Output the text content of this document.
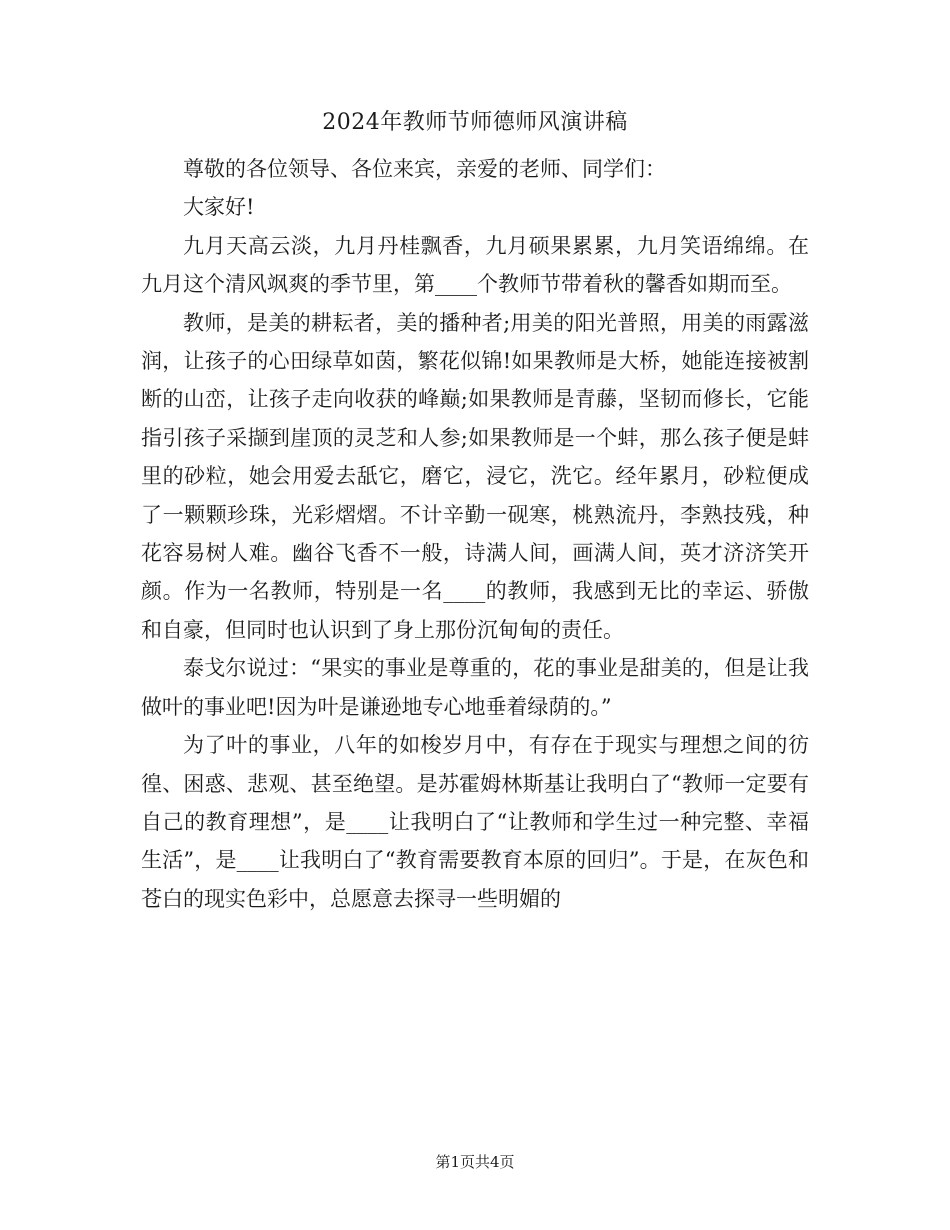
2024年教师节师德师风演讲稿

尊敬的各位领导、各位来宾，亲爱的老师、同学们：

大家好!

九月天高云淡，九月丹桂飘香，九月硕果累累，九月笑语绵绵。在九月这个清风飒爽的季节里，第____个教师节带着秋的馨香如期而至。

教师，是美的耕耘者，美的播种者;用美的阳光普照，用美的雨露滋润，让孩子的心田绿草如茵，繁花似锦!如果教师是大桥，她能连接被割断的山峦，让孩子走向收获的峰巅;如果教师是青藤，坚韧而修长，它能指引孩子采撷到崖顶的灵芝和人参;如果教师是一个蚌，那么孩子便是蚌里的砂粒，她会用爱去舐它，磨它，浸它，洗它。经年累月，砂粒便成了一颗颗珍珠，光彩熠熠。不计辛勤一砚寒，桃熟流丹，李熟技残，种花容易树人难。幽谷飞香不一般，诗满人间，画满人间，英才济济笑开颜。作为一名教师，特别是一名____的教师，我感到无比的幸运、骄傲和自豪，但同时也认识到了身上那份沉甸甸的责任。

泰戈尔说过：“果实的事业是尊重的，花的事业是甜美的，但是让我做叶的事业吧!因为叶是谦逊地专心地垂着绿荫的。”

为了叶的事业，八年的如梭岁月中，有存在于现实与理想之间的彷徨、困惑、悲观、甚至绝望。是苏霍姆林斯基让我明白了“教师一定要有自己的教育理想”，是____让我明白了“让教师和学生过一种完整、幸福生活”，是____让我明白了“教育需要教育本原的回归”。于是，在灰色和苍白的现实色彩中，总愿意去探寻一些明媚的

第1页共4页
